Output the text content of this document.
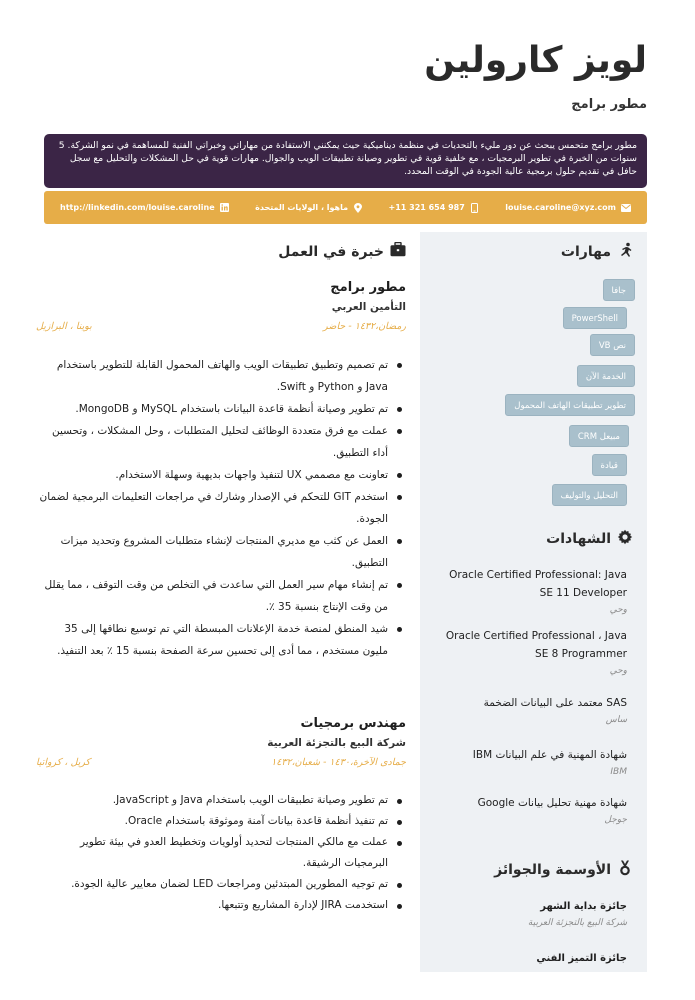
لويز كارولين
مطور برامج
مطور برامج متحمس يبحث عن دور مليء بالتحديات في منظمة ديناميكية حيث يمكنني الاستفادة من مهاراتي وخبراتي الفنية للمساهمة في نمو الشركة. 5 سنوات من الخبرة في تطوير البرمجيات ، مع خلفية قوية في تطوير وصيانة تطبيقات الويب والجوال. مهارات قوية في حل المشكلات والتحليل مع سجل حافل في تقديم حلول برمجية عالية الجودة في الوقت المحدد.
louise.caroline@xyz.com
+11 321 654 987
ماهوا ، الولايات المتحدة
http://linkedin.com/louise.caroline
مهارات
جافا
PowerShell
نص VB
الخدمة الآن
تطوير تطبيقات الهاتف المحمول
مبيعل CRM
قيادة
التحليل والتوليف
الشهادات
Oracle Certified Professional: Java SE 11 Developer
وحي
Oracle Certified Professional ، Java SE 8 Programmer
وحي
SAS معتمد على البيانات الضخمة
ساس
شهادة المهنية في علم البيانات IBM
IBM
شهادة مهنية تحليل بيانات Google
جوجل
الأوسمة والجوائز
جائزة بداية الشهر
شركة البيع بالتجزئة العربية
جائزة التميز الفني
خبرة في العمل
مطور برامج
التأمين العربي
رمضان،١٤٣٢ - حاضر
بوينا ، البرازيل
تم تصميم وتطبيق تطبيقات الويب والهاتف المحمول القابلة للتطوير باستخدام Java و Python و Swift.
تم تطوير وصيانة أنظمة قاعدة البيانات باستخدام MySQL و MongoDB.
عملت مع فرق متعددة الوظائف لتحليل المتطلبات ، وحل المشكلات ، وتحسين أداء التطبيق.
تعاونت مع مصممي UX لتنفيذ واجهات بديهية وسهلة الاستخدام.
استخدم GIT للتحكم في الإصدار وشارك في مراجعات التعليمات البرمجية لضمان الجودة.
العمل عن كثب مع مديري المنتجات لإنشاء متطلبات المشروع وتحديد ميزات التطبيق.
تم إنشاء مهام سير العمل التي ساعدت في التخلص من وقت التوقف ، مما يقلل من وقت الإنتاج بنسبة 35 ٪.
شيد المنطق لمنصة خدمة الإعلانات المبسطة التي تم توسيع نطاقها إلى 35 مليون مستخدم ، مما أدى إلى تحسين سرعة الصفحة بنسبة 15 ٪ بعد التنفيذ.
مهندس برمجيات
شركة البيع بالتجزئة العربية
جمادى الآخرة،١٤٣٠ - شعبان،١٤٣٢
كريل ، كرواتيا
تم تطوير وصيانة تطبيقات الويب باستخدام Java و JavaScript.
تم تنفيذ أنظمة قاعدة بيانات آمنة وموثوقة باستخدام Oracle.
عملت مع مالكي المنتجات لتحديد أولويات وتخطيط العدو في بيئة تطوير البرمجيات الرشيقة.
تم توجيه المطورين المبتدئين ومراجعات LED لضمان معايير عالية الجودة.
استخدمت JIRA لإدارة المشاريع وتتبعها.
